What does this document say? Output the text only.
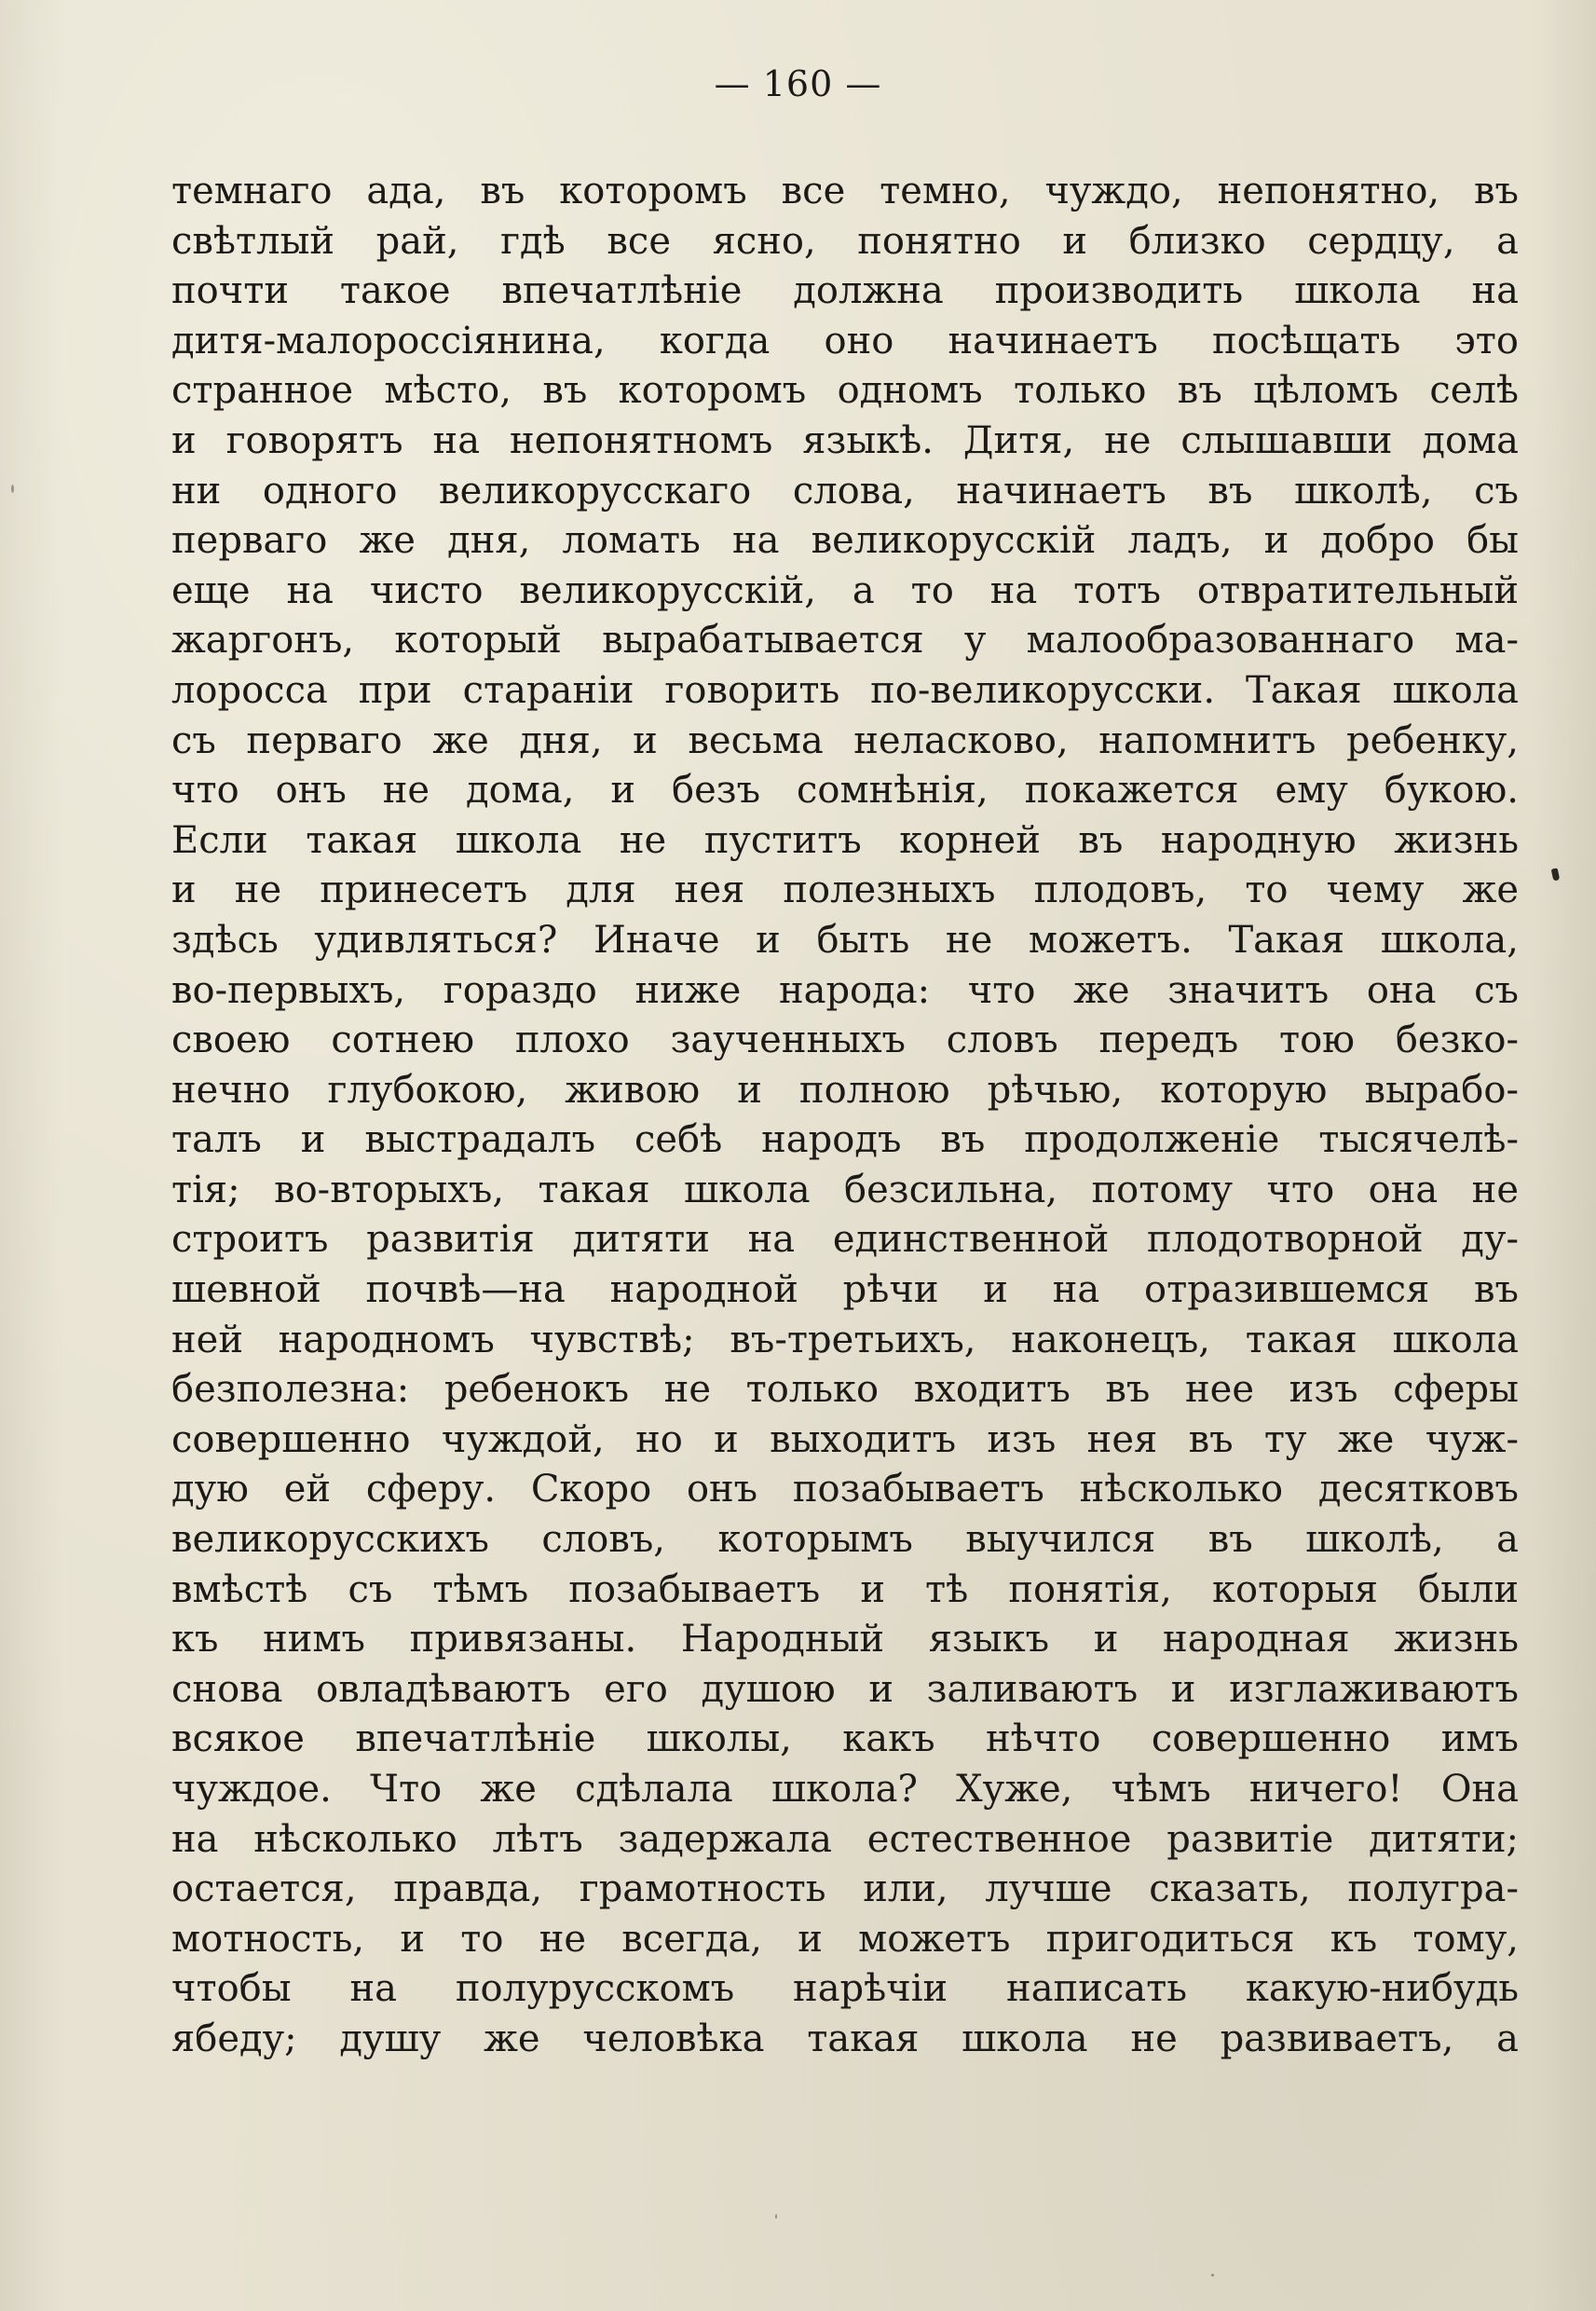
— 160 —
темнаго ада, въ которомъ все темно, чуждо, непонятно, въ
свѣтлый рай, гдѣ все ясно, понятно и близко сердцу, а
почти такое впечатлѣніе должна производить школа на
дитя-малороссіянина, когда оно начинаетъ посѣщать это
странное мѣсто, въ которомъ одномъ только въ цѣломъ селѣ
и говорятъ на непонятномъ языкѣ. Дитя, не слышавши дома
ни одного великорусскаго слова, начинаетъ въ школѣ, съ
перваго же дня, ломать на великорусскій ладъ, и добро бы
еще на чисто великорусскій, а то на тотъ отвратительный
жаргонъ, который вырабатывается у малообразованнаго ма-
лоросса при стараніи говорить по-великорусски. Такая школа
съ перваго же дня, и весьма неласково, напомнитъ ребенку,
что онъ не дома, и безъ сомнѣнія, покажется ему букою.
Если такая школа не пуститъ корней въ народную жизнь
и не принесетъ для нея полезныхъ плодовъ, то чему же
здѣсь удивляться? Иначе и быть не можетъ. Такая школа,
во-первыхъ, гораздо ниже народа: что же значитъ она съ
своею сотнею плохо заученныхъ словъ передъ тою безко-
нечно глубокою, живою и полною рѣчью, которую вырабо-
талъ и выстрадалъ себѣ народъ въ продолженіе тысячелѣ-
тія; во-вторыхъ, такая школа безсильна, потому что она не
строитъ развитія дитяти на единственной плодотворной ду-
шевной почвѣ—на народной рѣчи и на отразившемся въ
ней народномъ чувствѣ; въ-третьихъ, наконецъ, такая школа
безполезна: ребенокъ не только входитъ въ нее изъ сферы
совершенно чуждой, но и выходитъ изъ нея въ ту же чуж-
дую ей сферу. Скоро онъ позабываетъ нѣсколько десятковъ
великорусскихъ словъ, которымъ выучился въ школѣ, а
вмѣстѣ съ тѣмъ позабываетъ и тѣ понятія, которыя были
къ нимъ привязаны. Народный языкъ и народная жизнь
снова овладѣваютъ его душою и заливаютъ и изглаживаютъ
всякое впечатлѣніе школы, какъ нѣчто совершенно имъ
чуждое. Что же сдѣлала школа? Хуже, чѣмъ ничего! Она
на нѣсколько лѣтъ задержала естественное развитіе дитяти;
остается, правда, грамотность или, лучше сказать, полугра-
мотность, и то не всегда, и можетъ пригодиться къ тому,
чтобы на полурусскомъ нарѣчіи написать какую-нибудь
ябеду; душу же человѣка такая школа не развиваетъ, а
